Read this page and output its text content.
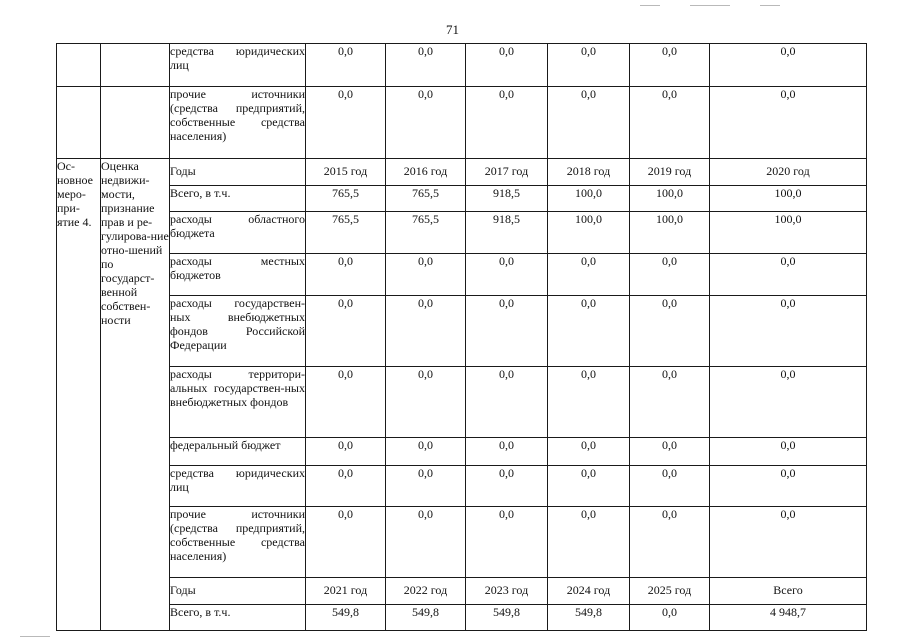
71
		средства юридических лиц	0,0	0,0	0,0	0,0	0,0	0,0
		прочие источники (средства предприятий, собственные средства населения)	0,0	0,0	0,0	0,0	0,0	0,0
Ос-новное меро-при-ятие 4.	Оценка недвижи-мости, признание прав и ре-гулирова-ние отно-шений по государст-венной собствен-ности	Годы	2015 год	2016 год	2017 год	2018 год	2019 год	2020 год
		Всего, в т.ч.	765,5	765,5	918,5	100,0	100,0	100,0
		расходы областного бюджета	765,5	765,5	918,5	100,0	100,0	100,0
		расходы местных бюджетов	0,0	0,0	0,0	0,0	0,0	0,0
		расходы государствен-ных внебюджетных фондов Российской Федерации	0,0	0,0	0,0	0,0	0,0	0,0
		расходы территори-альных государствен-ных внебюджетных фондов	0,0	0,0	0,0	0,0	0,0	0,0
		федеральный бюджет	0,0	0,0	0,0	0,0	0,0	0,0
		средства юридических лиц	0,0	0,0	0,0	0,0	0,0	0,0
		прочие источники (средства предприятий, собственные средства населения)	0,0	0,0	0,0	0,0	0,0	0,0
		Годы	2021 год	2022 год	2023 год	2024 год	2025 год	Всего
		Всего, в т.ч.	549,8	549,8	549,8	549,8	0,0	4 948,7
